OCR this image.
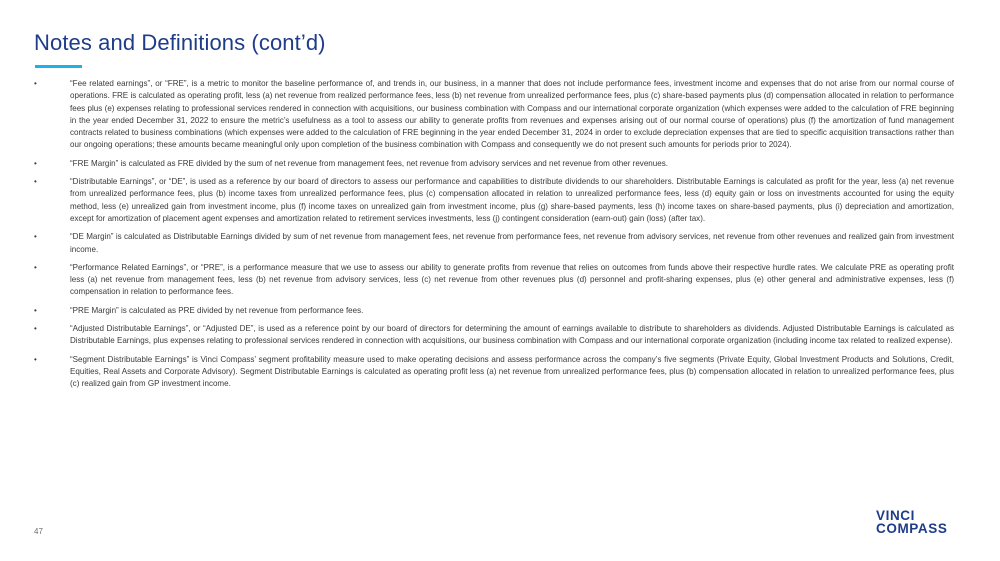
Notes and Definitions (cont’d)
•	“Fee related earnings”, or “FRE”, is a metric to monitor the baseline performance of, and trends in, our business, in a manner that does not include performance fees, investment income and expenses that do not arise from our normal course of operations. FRE is calculated as operating profit, less (a) net revenue from realized performance fees, less (b) net revenue from unrealized performance fees, plus (c) share-based payments plus (d) compensation allocated in relation to performance fees plus (e) expenses relating to professional services rendered in connection with acquisitions, our business combination with Compass and our international corporate organization (which expenses were added to the calculation of FRE beginning in the year ended December 31, 2022 to ensure the metric’s usefulness as a tool to assess our ability to generate profits from revenues and expenses arising out of our normal course of operations) plus (f) the amortization of fund management contracts related to business combinations (which expenses were added to the calculation of FRE beginning in the year ended December 31, 2024 in order to exclude depreciation expenses that are tied to specific acquisition transactions rather than our ongoing operations; these amounts became meaningful only upon completion of the business combination with Compass and consequently we do not present such amounts for periods prior to 2024).
•	“FRE Margin” is calculated as FRE divided by the sum of net revenue from management fees, net revenue from advisory services and net revenue from other revenues.
•	“Distributable Earnings”, or “DE”, is used as a reference by our board of directors to assess our performance and capabilities to distribute dividends to our shareholders. Distributable Earnings is calculated as profit for the year, less (a) net revenue from unrealized performance fees, plus (b) income taxes from unrealized performance fees, plus (c) compensation allocated in relation to unrealized performance fees, less (d) equity gain or loss on investments accounted for using the equity method, less (e) unrealized gain from investment income, plus (f) income taxes on unrealized gain from investment income, plus (g) share-based payments, less (h) income taxes on share-based payments, plus (i) depreciation and amortization, except for amortization of placement agent expenses and amortization related to retirement services investments, less (j) contingent consideration (earn-out) gain (loss) (after tax).
•	“DE Margin” is calculated as Distributable Earnings divided by sum of net revenue from management fees, net revenue from performance fees, net revenue from advisory services, net revenue from other revenues and realized gain from investment income.
•	“Performance Related Earnings”, or “PRE”, is a performance measure that we use to assess our ability to generate profits from revenue that relies on outcomes from funds above their respective hurdle rates. We calculate PRE as operating profit less (a) net revenue from management fees, less (b) net revenue from advisory services, less (c) net revenue from other revenues plus (d) personnel and profit-sharing expenses, plus (e) other general and administrative expenses, less (f) compensation in relation to performance fees.
•	“PRE Margin” is calculated as PRE divided by net revenue from performance fees.
•	“Adjusted Distributable Earnings”, or “Adjusted DE”, is used as a reference point by our board of directors for determining the amount of earnings available to distribute to shareholders as dividends. Adjusted Distributable Earnings is calculated as Distributable Earnings, plus expenses relating to professional services rendered in connection with acquisitions, our business combination with Compass and our international corporate organization (including income tax related to realized expense).
•	“Segment Distributable Earnings” is Vinci Compass’ segment profitability measure used to make operating decisions and assess performance across the company’s five segments (Private Equity, Global Investment Products and Solutions, Credit, Equities, Real Assets and Corporate Advisory). Segment Distributable Earnings is calculated as operating profit less (a) net revenue from unrealized performance fees, plus (b) compensation allocated in relation to unrealized performance fees, plus (c) realized gain from GP investment income.
47
VINCI
COMPASS
